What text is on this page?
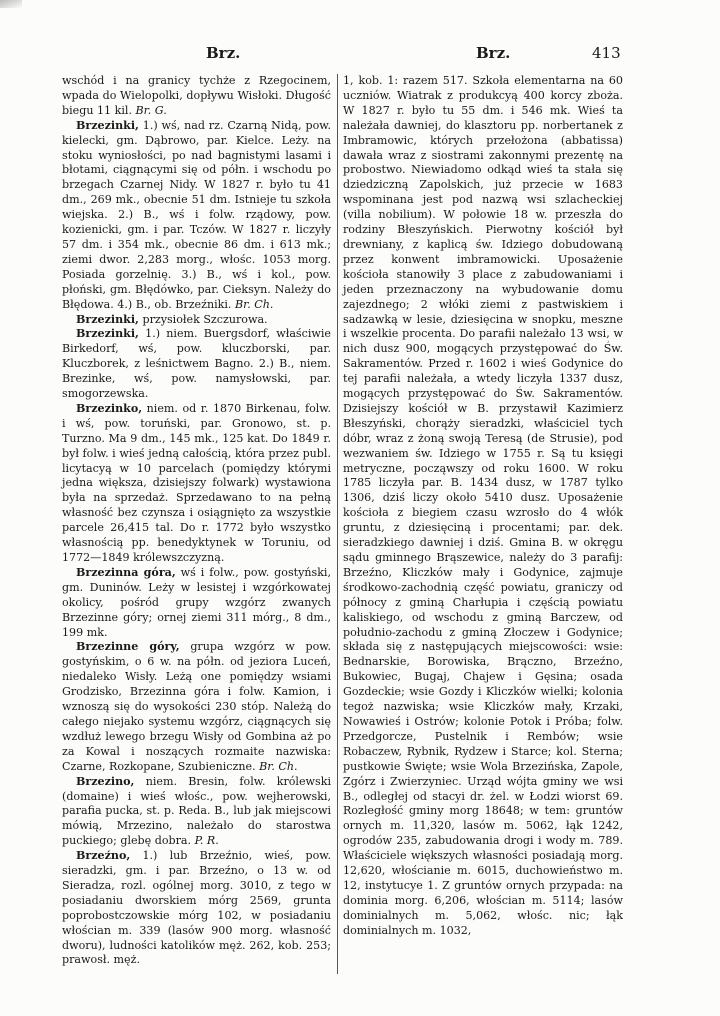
Brz.	Brz.	413

wschód i na granicy tychże z Rzegocinem, wpada do Wielopolki, dopływu Wisłoki. Długość biegu 11 kil. Br. G.

Brzezinki, 1.) wś, nad rz. Czarną Nidą, pow. kielecki, gm. Dąbrowo, par. Kielce. Leży. na stoku wyniosłości, po nad bagnistymi lasami i błotami, ciągnącymi się od półn. i wschodu po brzegach Czarnej Nidy. W 1827 r. było tu 41 dm., 269 mk., obecnie 51 dm. Istnieje tu szkoła wiejska. 2.) B., wś i folw. rządowy, pow. kozienicki, gm. i par. Tczów. W 1827 r. liczyły 57 dm. i 354 mk., obecnie 86 dm. i 613 mk.; ziemi dwor. 2,283 morg., włośc. 1053 morg. Posiada gorzelnię. 3.) B., wś i kol., pow. płoński, gm. Błędówko, par. Cieksyn. Należy do Błędowa. 4.) B., ob. Brzeźniki. Br. Ch.

Brzezinki, przysiołek Szczurowa.

Brzezinki, 1.) niem. Buergsdorf, właściwie Birkedorf, wś, pow. kluczborski, par. Kluczborek, z leśnictwem Bagno. 2.) B., niem. Brezinke, wś, pow. namysłowski, par. smogorzewska.

Brzezinko, niem. od r. 1870 Birkenau, folw. i wś, pow. toruński, par. Gronowo, st. p. Turzno. Ma 9 dm., 145 mk., 125 kat. Do 1849 r. był folw. i wieś jedną całością, która przez publ. licytacyą w 10 parcelach (pomiędzy którymi jedna większa, dzisiejszy folwark) wystawiona była na sprzedaż. Sprzedawano to na pełną własność bez czynsza i osiągnięto za wszystkie parcele 26,415 tal. Do r. 1772 było wszystko własnością pp. benedyktynek w Toruniu, od 1772—1849 królewszczyzną.

Brzezinna góra, wś i folw., pow. gostyński, gm. Duninów. Leży w lesistej i wzgórkowatej okolicy, pośród grupy wzgórz zwanych Brzezinne góry; ornej ziemi 311 mórg., 8 dm., 199 mk.

Brzezinne góry, grupa wzgórz w pow. gostyńskim, o 6 w. na półn. od jeziora Luceń, niedaleko Wisły. Leżą one pomiędzy wsiami Grodzisko, Brzezinna góra i folw. Kamion, i wznoszą się do wysokości 230 stóp. Należą do całego niejako systemu wzgórz, ciągnących się wzdłuż lewego brzegu Wisły od Gombina aż po za Kowal i noszących rozmaite nazwiska: Czarne, Rozkopane, Szubieniczne. Br. Ch.

Brzezino, niem. Bresin, folw. królewski (domaine) i wieś włośc., pow. wejherowski, parafia pucka, st. p. Reda. B., lub jak miejscowi mówią, Mrzezino, należało do starostwa puckiego; glebę dobra. P. R.

Brzeźno, 1.) lub Brzeźnio, wieś, pow. sieradzki, gm. i par. Brzeźno, o 13 w. od Sieradza, rozl. ogólnej morg. 3010, z tego w posiadaniu dworskiem mórg 2569, grunta poprobostczowskie mórg 102, w posiadaniu włościan m. 339 (lasów 900 morg. własność dworu), ludności katolików męż. 262, kob. 253; prawosł. męż.

1, kob. 1: razem 517. Szkoła elementarna na 60 uczniów. Wiatrak z produkcyą 400 korcy zboża. W 1827 r. było tu 55 dm. i 546 mk. Wieś ta należała dawniej, do klasztoru pp. norbertanek z Imbramowic, których przełożona (abbatissa) dawała wraz z siostrami zakonnymi prezentę na probostwo. Niewiadomo odkąd wieś ta stała się dziedziczną Zapolskich, już przecie w 1683 wspominana jest pod nazwą wsi szlacheckiej (villa nobilium). W połowie 18 w. przeszła do rodziny Błeszyńskich. Pierwotny kościół był drewniany, z kaplicą św. Idziego dobudowaną przez konwent imbramowicki. Uposażenie kościoła stanowiły 3 place z zabudowaniami i jeden przeznaczony na wybudowanie domu zajezdnego; 2 włóki ziemi z pastwiskiem i sadzawką w lesie, dziesięcina w snopku, meszne i wszelkie procenta. Do parafii należało 13 wsi, w nich dusz 900, mogących przystępować do Św. Sakramentów. Przed r. 1602 i wieś Godynice do tej parafii należała, a wtedy liczyła 1337 dusz, mogących przystępować do Św. Sakramentów. Dzisiejszy kościół w B. przystawił Kazimierz Błeszyński, chorąży sieradzki, właściciel tych dóbr, wraz z żoną swoją Teresą (de Strusie), pod wezwaniem św. Idziego w 1755 r. Są tu księgi metryczne, począwszy od roku 1600. W roku 1785 liczyła par. B. 1434 dusz, w 1787 tylko 1306, dziś liczy około 5410 dusz. Uposażenie kościoła z biegiem czasu wzrosło do 4 włók gruntu, z dziesięciną i procentami; par. dek. sieradzkiego dawniej i dziś. Gmina B. w okręgu sądu gminnego Brąszewice, należy do 3 parafij: Brzeźno, Kliczków mały i Godynice, zajmuje środkowo-zachodnią część powiatu, graniczy od północy z gminą Charłupia i częścią powiatu kaliskiego, od wschodu z gminą Barczew, od południo-zachodu z gminą Złoczew i Godynice; składa się z następujących miejscowości: wsie: Bednarskie, Borowiska, Brączno, Brzeźno, Bukowiec, Bugaj, Chajew i Gęsina; osada Gozdeckie; wsie Gozdy i Kliczków wielki; kolonia tegoż nazwiska; wsie Kliczków mały, Krzaki, Nowawieś i Ostrów; kolonie Potok i Próba; folw. Przedgorcze, Pustelnik i Rembów; wsie Robaczew, Rybnik, Rydzew i Starce; kol. Sterna; pustkowie Święte; wsie Wola Brzezińska, Zapole, Zgórz i Zwierzyniec. Urząd wójta gminy we wsi B., odległej od stacyi dr. żel. w Łodzi wiorst 69. Rozległość gminy morg 18648; w tem: gruntów ornych m. 11,320, lasów m. 5062, łąk 1242, ogrodów 235, zabudowania drogi i wody m. 789. Właściciele większych własności posiadają morg. 12,620, włościanie m. 6015, duchowieństwo m. 12, instytucye 1. Z gruntów ornych przypada: na dominia morg. 6,206, włościan m. 5114; lasów dominialnych m. 5,062, włośc. nic; łąk dominialnych m. 1032,
